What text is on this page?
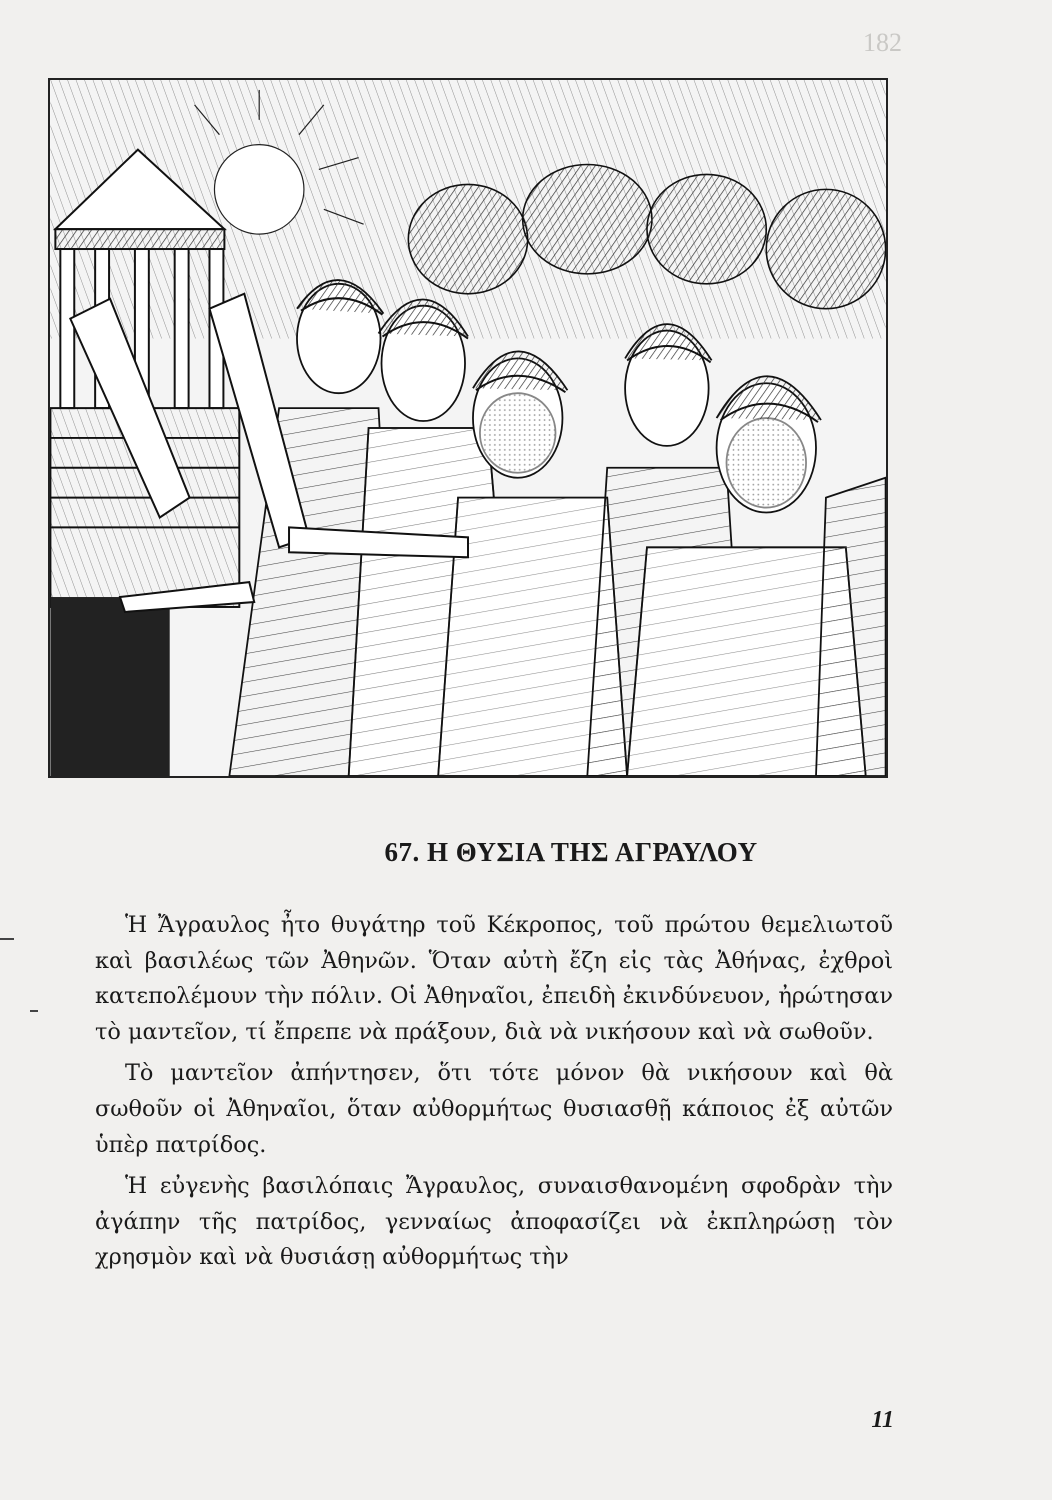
182
67. Η ΘΥΣΙΑ ΤΗΣ ΑΓΡΑΥΛΟΥ

Ἡ Ἄγραυλος ἦτο θυγάτηρ τοῦ Κέκροπος, τοῦ πρώτου θεμελιωτοῦ καὶ βασιλέως τῶν Ἀθηνῶν. Ὅταν αὐτὴ ἔζη εἰς τὰς Ἀθήνας, ἐχθροὶ κατεπολέμουν τὴν πόλιν. Οἱ Ἀθηναῖοι, ἐπειδὴ ἐκινδύνευον, ἠρώτησαν τὸ μαντεῖον, τί ἔπρεπε νὰ πράξουν, διὰ νὰ νικήσουν καὶ νὰ σωθοῦν.

Τὸ μαντεῖον ἀπήντησεν, ὅτι τότε μόνον θὰ νικήσουν καὶ θὰ σωθοῦν οἱ Ἀθηναῖοι, ὅταν αὐθορμήτως θυσιασθῇ κάποιος ἐξ αὐτῶν ὑπὲρ πατρίδος.

Ἡ εὐγενὴς βασιλόπαις Ἄγραυλος, συναισθανομένη σφοδρὰν τὴν ἀγάπην τῆς πατρίδος, γενναίως ἀποφασίζει νὰ ἐκπληρώσῃ τὸν χρησμὸν καὶ νὰ θυσιάσῃ αὐθορμήτως τὴν

11
